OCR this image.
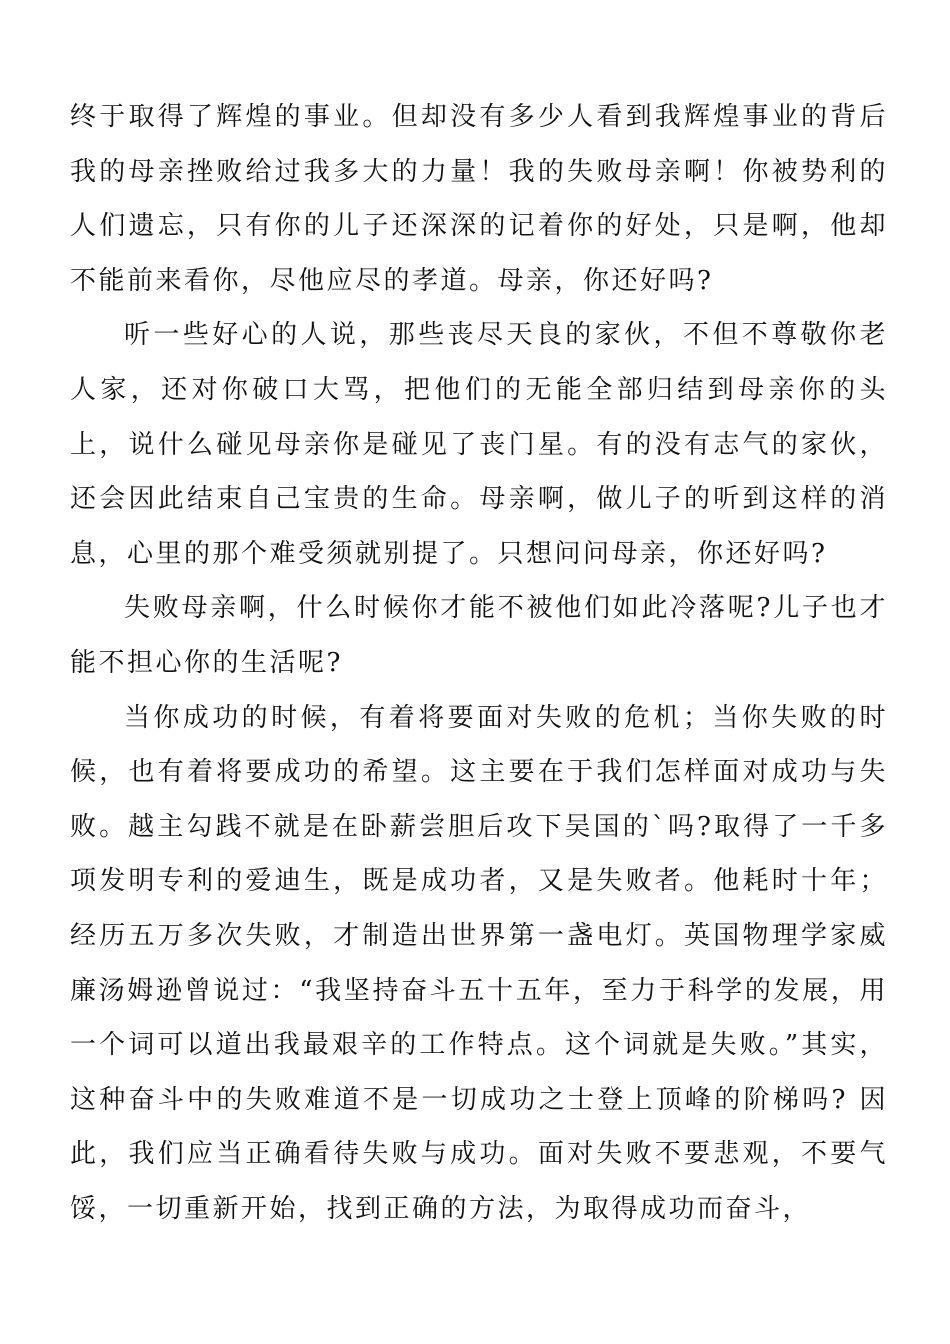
终于取得了辉煌的事业。但却没有多少人看到我辉煌事业的背后我的母亲挫败给过我多大的力量！我的失败母亲啊！你被势利的人们遗忘，只有你的儿子还深深的记着你的好处，只是啊，他却不能前来看你，尽他应尽的孝道。母亲，你还好吗?

听一些好心的人说，那些丧尽天良的家伙，不但不尊敬你老人家，还对你破口大骂，把他们的无能全部归结到母亲你的头上，说什么碰见母亲你是碰见了丧门星。有的没有志气的家伙，还会因此结束自己宝贵的生命。母亲啊，做儿子的听到这样的消息，心里的那个难受须就别提了。只想问问母亲，你还好吗?

失败母亲啊，什么时候你才能不被他们如此冷落呢?儿子也才能不担心你的生活呢?

当你成功的时候，有着将要面对失败的危机；当你失败的时候，也有着将要成功的希望。这主要在于我们怎样面对成功与失败。越主勾践不就是在卧薪尝胆后攻下吴国的`吗?取得了一千多项发明专利的爱迪生，既是成功者，又是失败者。他耗时十年；经历五万多次失败，才制造出世界第一盏电灯。英国物理学家威廉汤姆逊曾说过：“我坚持奋斗五十五年，至力于科学的发展，用一个词可以道出我最艰辛的工作特点。这个词就是失败。”其实，这种奋斗中的失败难道不是一切成功之士登上顶峰的阶梯吗? 因此，我们应当正确看待失败与成功。面对失败不要悲观，不要气馁，一切重新开始，找到正确的方法，为取得成功而奋斗，
